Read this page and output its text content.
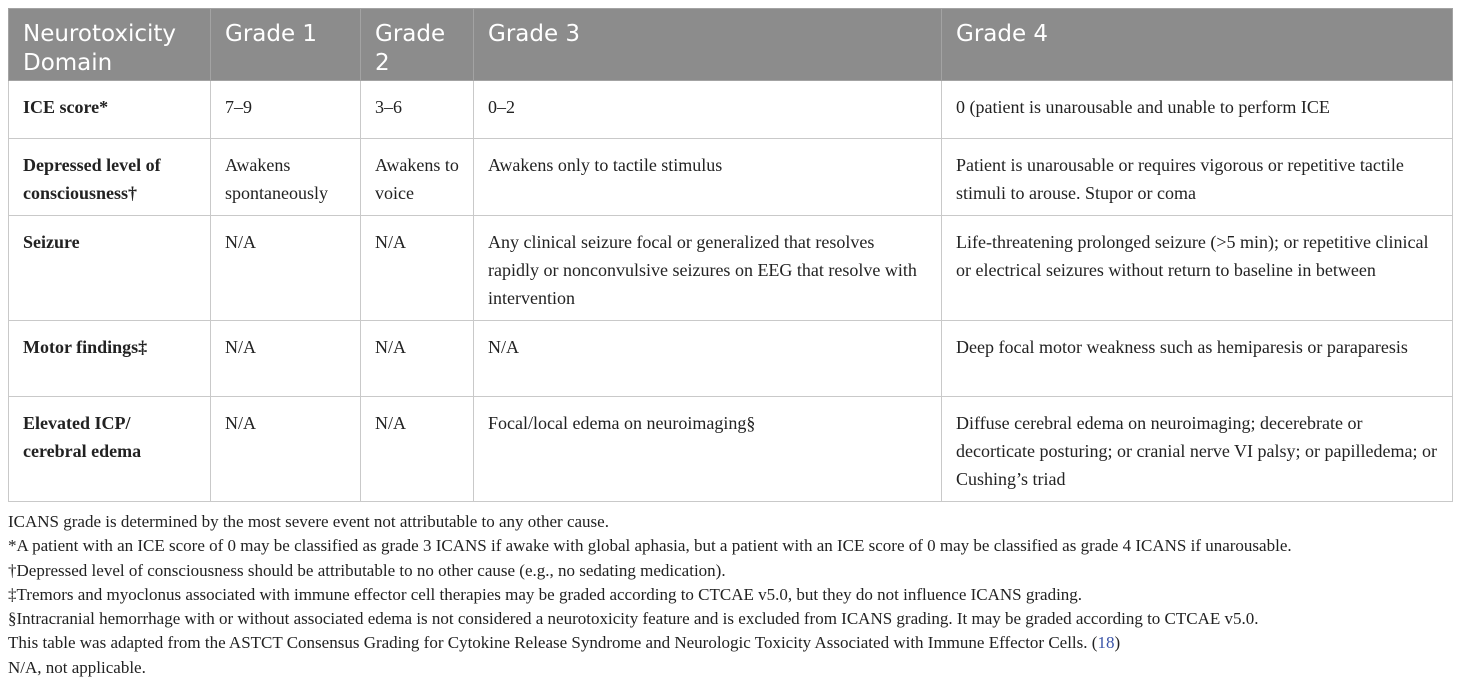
Neurotoxicity Domain	Grade 1	Grade 2	Grade 3	Grade 4
ICE score*	7–9	3–6	0–2	0 (patient is unarousable and unable to perform ICE
Depressed level of consciousness†	Awakens spontaneously	Awakens to voice	Awakens only to tactile stimulus	Patient is unarousable or requires vigorous or repetitive tactile stimuli to arouse. Stupor or coma
Seizure	N/A	N/A	Any clinical seizure focal or generalized that resolves rapidly or nonconvulsive seizures on EEG that resolve with intervention	Life-threatening prolonged seizure (>5 min); or repetitive clinical or electrical seizures without return to baseline in between
Motor findings‡	N/A	N/A	N/A	Deep focal motor weakness such as hemiparesis or paraparesis
Elevated ICP/ cerebral edema	N/A	N/A	Focal/local edema on neuroimaging§	Diffuse cerebral edema on neuroimaging; decerebrate or decorticate posturing; or cranial nerve VI palsy; or papilledema; or Cushing’s triad

ICANS grade is determined by the most severe event not attributable to any other cause.

*A patient with an ICE score of 0 may be classified as grade 3 ICANS if awake with global aphasia, but a patient with an ICE score of 0 may be classified as grade 4 ICANS if unarousable.

†Depressed level of consciousness should be attributable to no other cause (e.g., no sedating medication).

‡Tremors and myoclonus associated with immune effector cell therapies may be graded according to CTCAE v5.0, but they do not influence ICANS grading.

§Intracranial hemorrhage with or without associated edema is not considered a neurotoxicity feature and is excluded from ICANS grading. It may be graded according to CTCAE v5.0.

This table was adapted from the ASTCT Consensus Grading for Cytokine Release Syndrome and Neurologic Toxicity Associated with Immune Effector Cells. (18)

N/A, not applicable.
